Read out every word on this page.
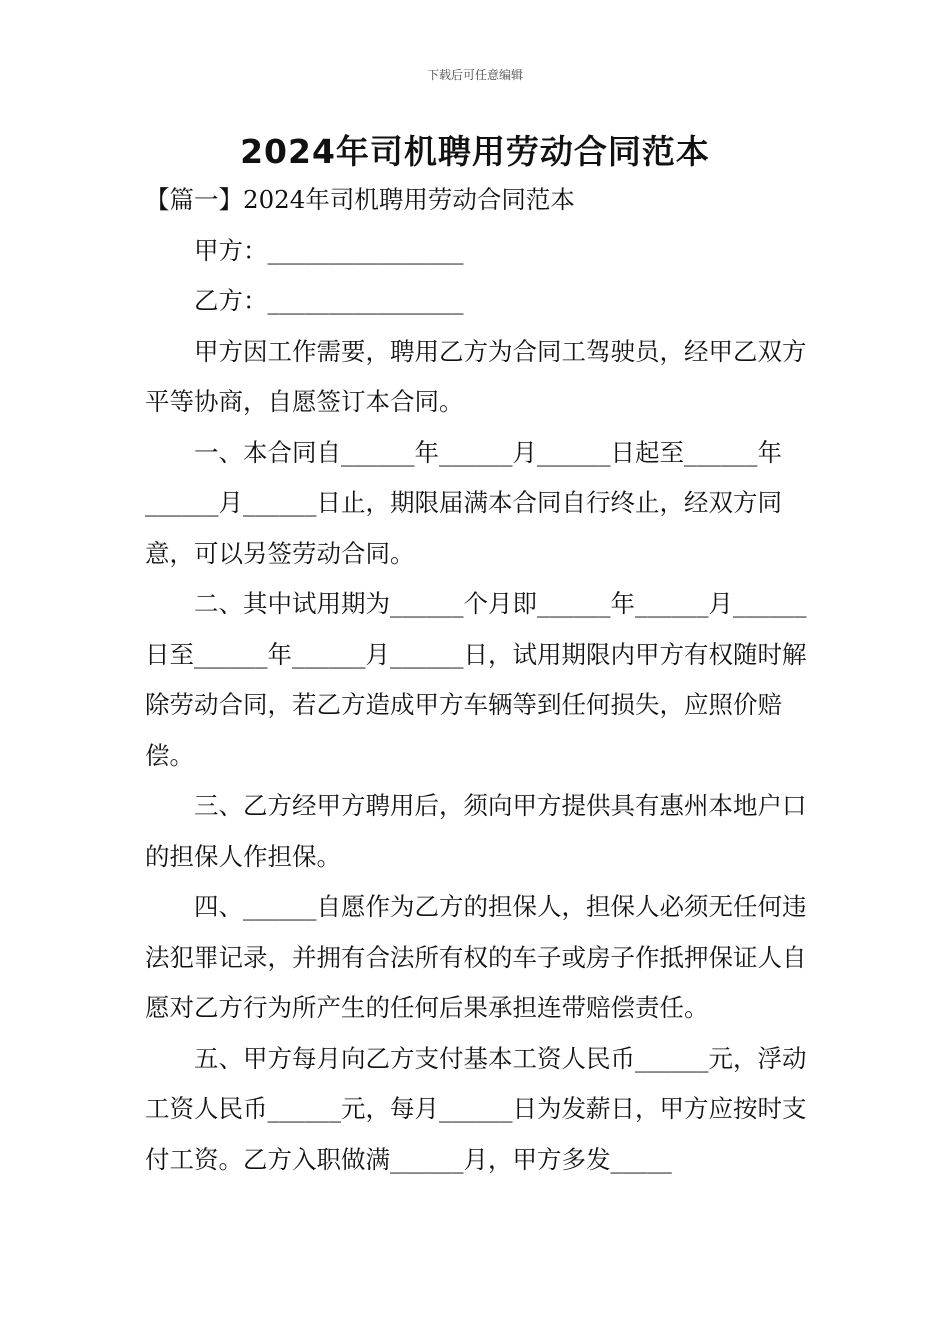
下载后可任意编辑
2024年司机聘用劳动合同范本

【篇一】2024年司机聘用劳动合同范本

甲方：________________

乙方：________________

甲方因工作需要，聘用乙方为合同工驾驶员，经甲乙双方平等协商，自愿签订本合同。

一、本合同自______年______月______日起至______年______月______日止，期限届满本合同自行终止，经双方同意，可以另签劳动合同。

二、其中试用期为______个月即______年______月______日至______年______月______日，试用期限内甲方有权随时解除劳动合同，若乙方造成甲方车辆等到任何损失，应照价赔偿。

三、乙方经甲方聘用后，须向甲方提供具有惠州本地户口的担保人作担保。

四、______自愿作为乙方的担保人，担保人必须无任何违法犯罪记录，并拥有合法所有权的车子或房子作抵押保证人自愿对乙方行为所产生的任何后果承担连带赔偿责任。

五、甲方每月向乙方支付基本工资人民币______元，浮动工资人民币______元，每月______日为发薪日，甲方应按时支付工资。乙方入职做满______月，甲方多发_____
